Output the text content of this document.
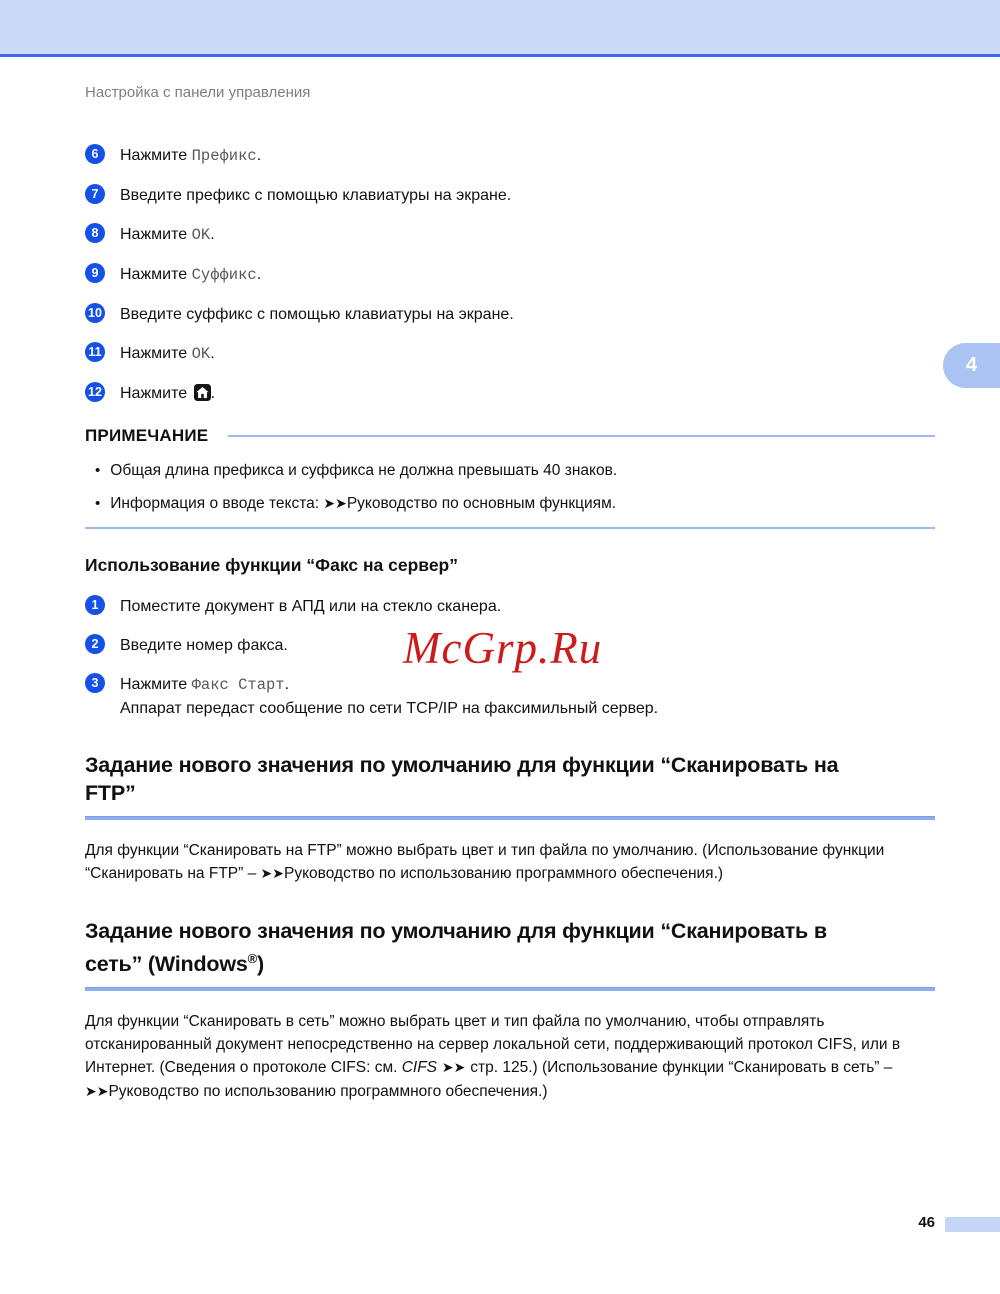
Настройка с панели управления
6	Нажмите Префикс.
7	Введите префикс с помощью клавиатуры на экране.
8	Нажмите OK.
9	Нажмите Суффикс.
10 Введите суффикс с помощью клавиатуры на экране.
11 Нажмите OK.
12 Нажмите .
ПРИМЕЧАНИЕ
• Общая длина префикса и суффикса не должна превышать 40 знаков.
• Информация о вводе текста: ➤➤Руководство по основным функциям.
Использование функции “Факс на сервер”
1	Поместите документ в АПД или на стекло сканера.
2	Введите номер факса.
3	Нажмите Факс Старт.
Аппарат передаст сообщение по сети TCP/IP на факсимильный сервер.
Задание нового значения по умолчанию для функции “Сканировать на
FTP”
Для функции “Сканировать на FTP” можно выбрать цвет и тип файла по умолчанию. (Использование функции “Сканировать на FTP” – ➤➤Руководство по использованию программного обеспечения.)
Задание нового значения по умолчанию для функции “Сканировать в
сеть” (Windows®)
Для функции “Сканировать в сеть” можно выбрать цвет и тип файла по умолчанию, чтобы отправлять отсканированный документ непосредственно на сервер локальной сети, поддерживающий протокол CIFS, или в Интернет. (Сведения о протоколе CIFS: см. CIFS ➤➤ стр. 125.) (Использование функции “Сканировать в сеть” – ➤➤Руководство по использованию программного обеспечения.)
4
McGrp.Ru
46
